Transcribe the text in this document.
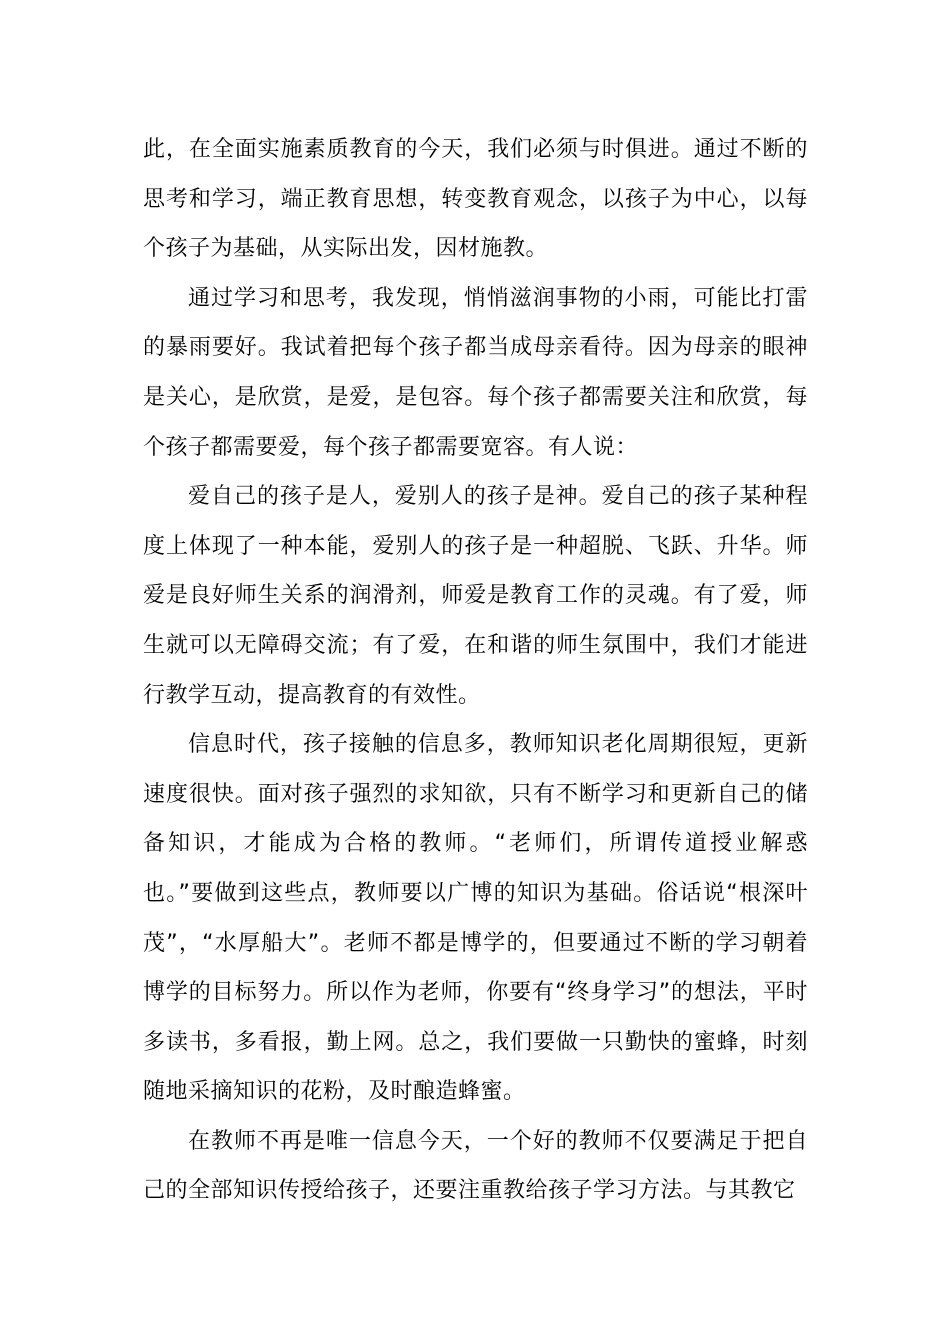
此，在全面实施素质教育的今天，我们必须与时俱进。通过不断的思考和学习，端正教育思想，转变教育观念，以孩子为中心，以每个孩子为基础，从实际出发，因材施教。

通过学习和思考，我发现，悄悄滋润事物的小雨，可能比打雷的暴雨要好。我试着把每个孩子都当成母亲看待。因为母亲的眼神是关心，是欣赏，是爱，是包容。每个孩子都需要关注和欣赏，每个孩子都需要爱，每个孩子都需要宽容。有人说：

爱自己的孩子是人，爱别人的孩子是神。爱自己的孩子某种程度上体现了一种本能，爱别人的孩子是一种超脱、飞跃、升华。师爱是良好师生关系的润滑剂，师爱是教育工作的灵魂。有了爱，师生就可以无障碍交流；有了爱，在和谐的师生氛围中，我们才能进行教学互动，提高教育的有效性。

信息时代，孩子接触的信息多，教师知识老化周期很短，更新速度很快。面对孩子强烈的求知欲，只有不断学习和更新自己的储备知识，才能成为合格的教师。“老师们，所谓传道授业解惑也。”要做到这些点，教师要以广博的知识为基础。俗话说“根深叶茂”，“水厚船大”。老师不都是博学的，但要通过不断的学习朝着博学的目标努力。所以作为老师，你要有“终身学习”的想法，平时多读书，多看报，勤上网。总之，我们要做一只勤快的蜜蜂，时刻随地采摘知识的花粉，及时酿造蜂蜜。

在教师不再是唯一信息今天，一个好的教师不仅要满足于把自己的全部知识传授给孩子，还要注重教给孩子学习方法。与其教它
